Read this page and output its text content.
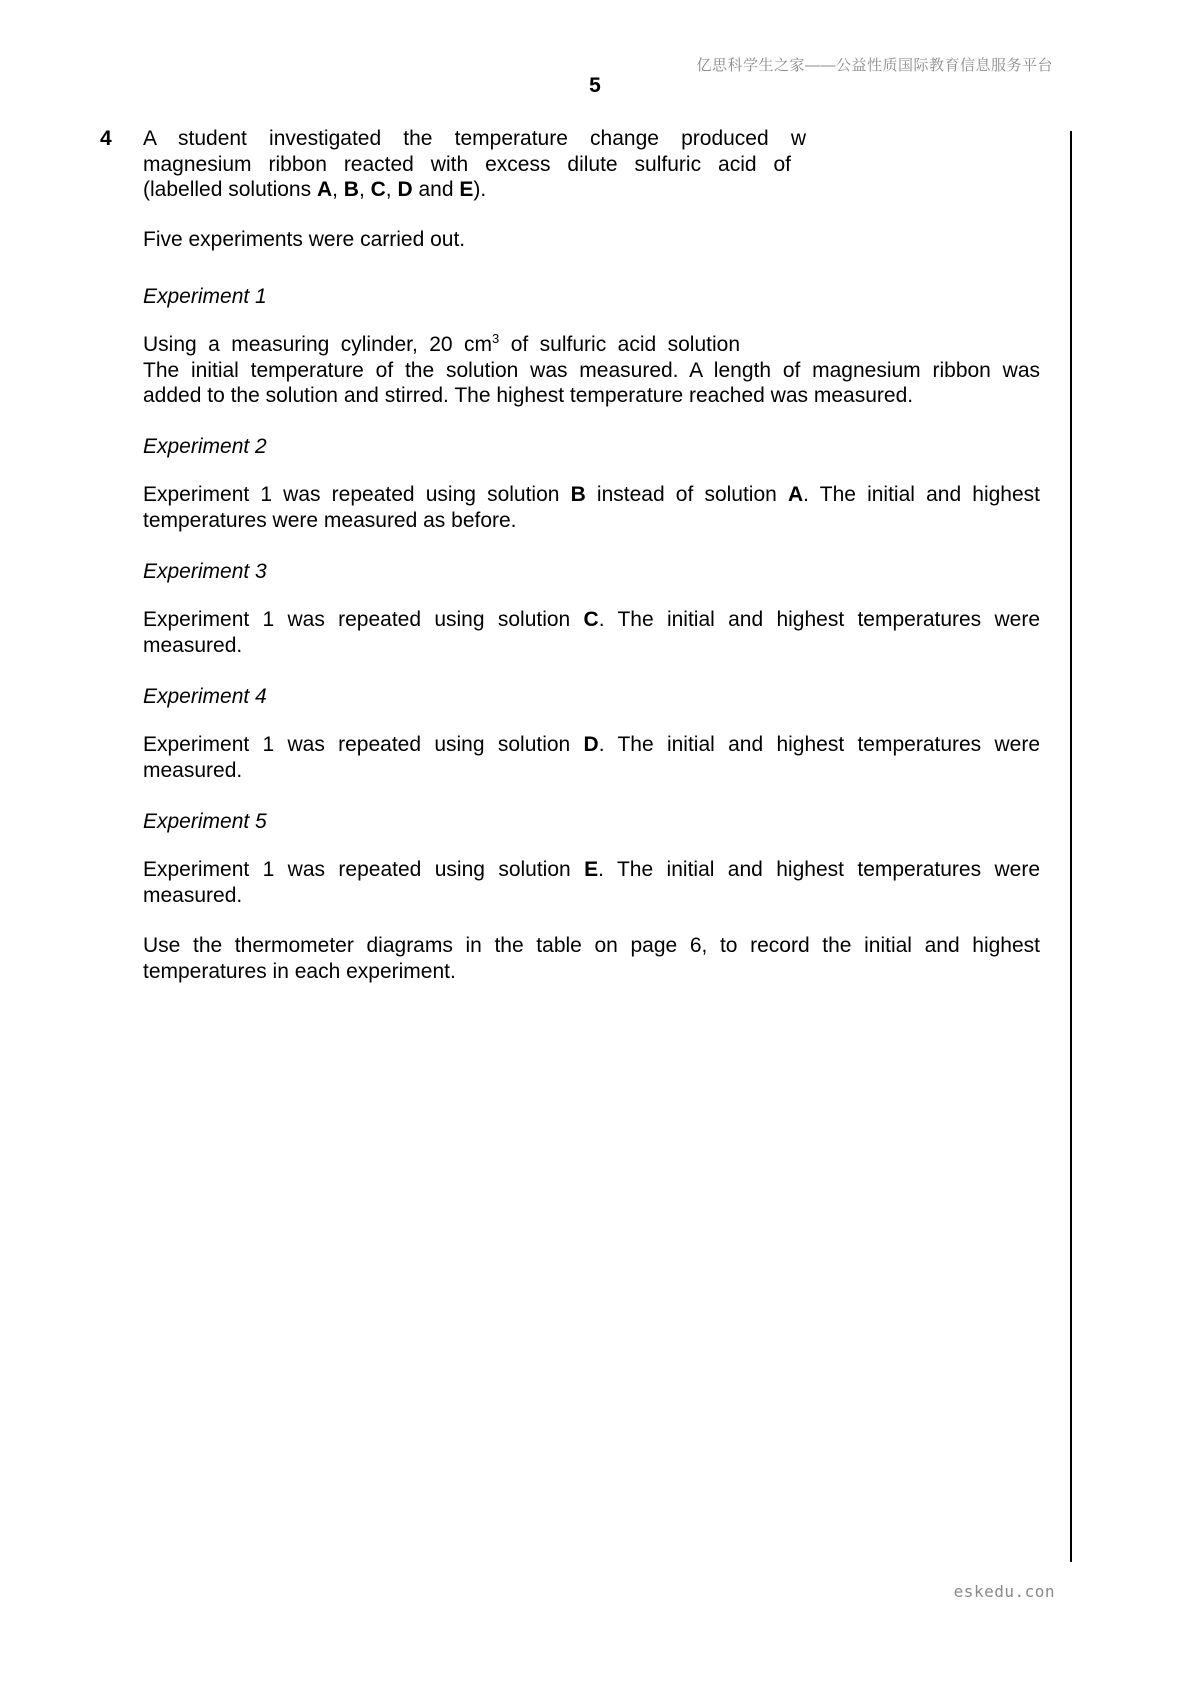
亿思科学生之家——公益性质国际教育信息服务平台
5
4 A student investigated the temperature change produced w
magnesium ribbon reacted with excess dilute sulfuric acid of
(labelled solutions A, B, C, D and E).
Five experiments were carried out.
Experiment 1
Using a measuring cylinder, 20 $cm^3$ of sulfuric acid solution
The initial temperature of the solution was measured. A length of magnesium ribbon was
added to the solution and stirred. The highest temperature reached was measured.
Experiment 2
Experiment 1 was repeated using solution B instead of solution A. The initial and highest temperatures were measured as before.
Experiment 3
Experiment 1 was repeated using solution C. The initial and highest temperatures were measured.
Experiment 4
Experiment 1 was repeated using solution D. The initial and highest temperatures were measured.
Experiment 5
Experiment 1 was repeated using solution E. The initial and highest temperatures were measured.
Use the thermometer diagrams in the table on page 6, to record the initial and highest temperatures in each experiment.
eskedu.con
